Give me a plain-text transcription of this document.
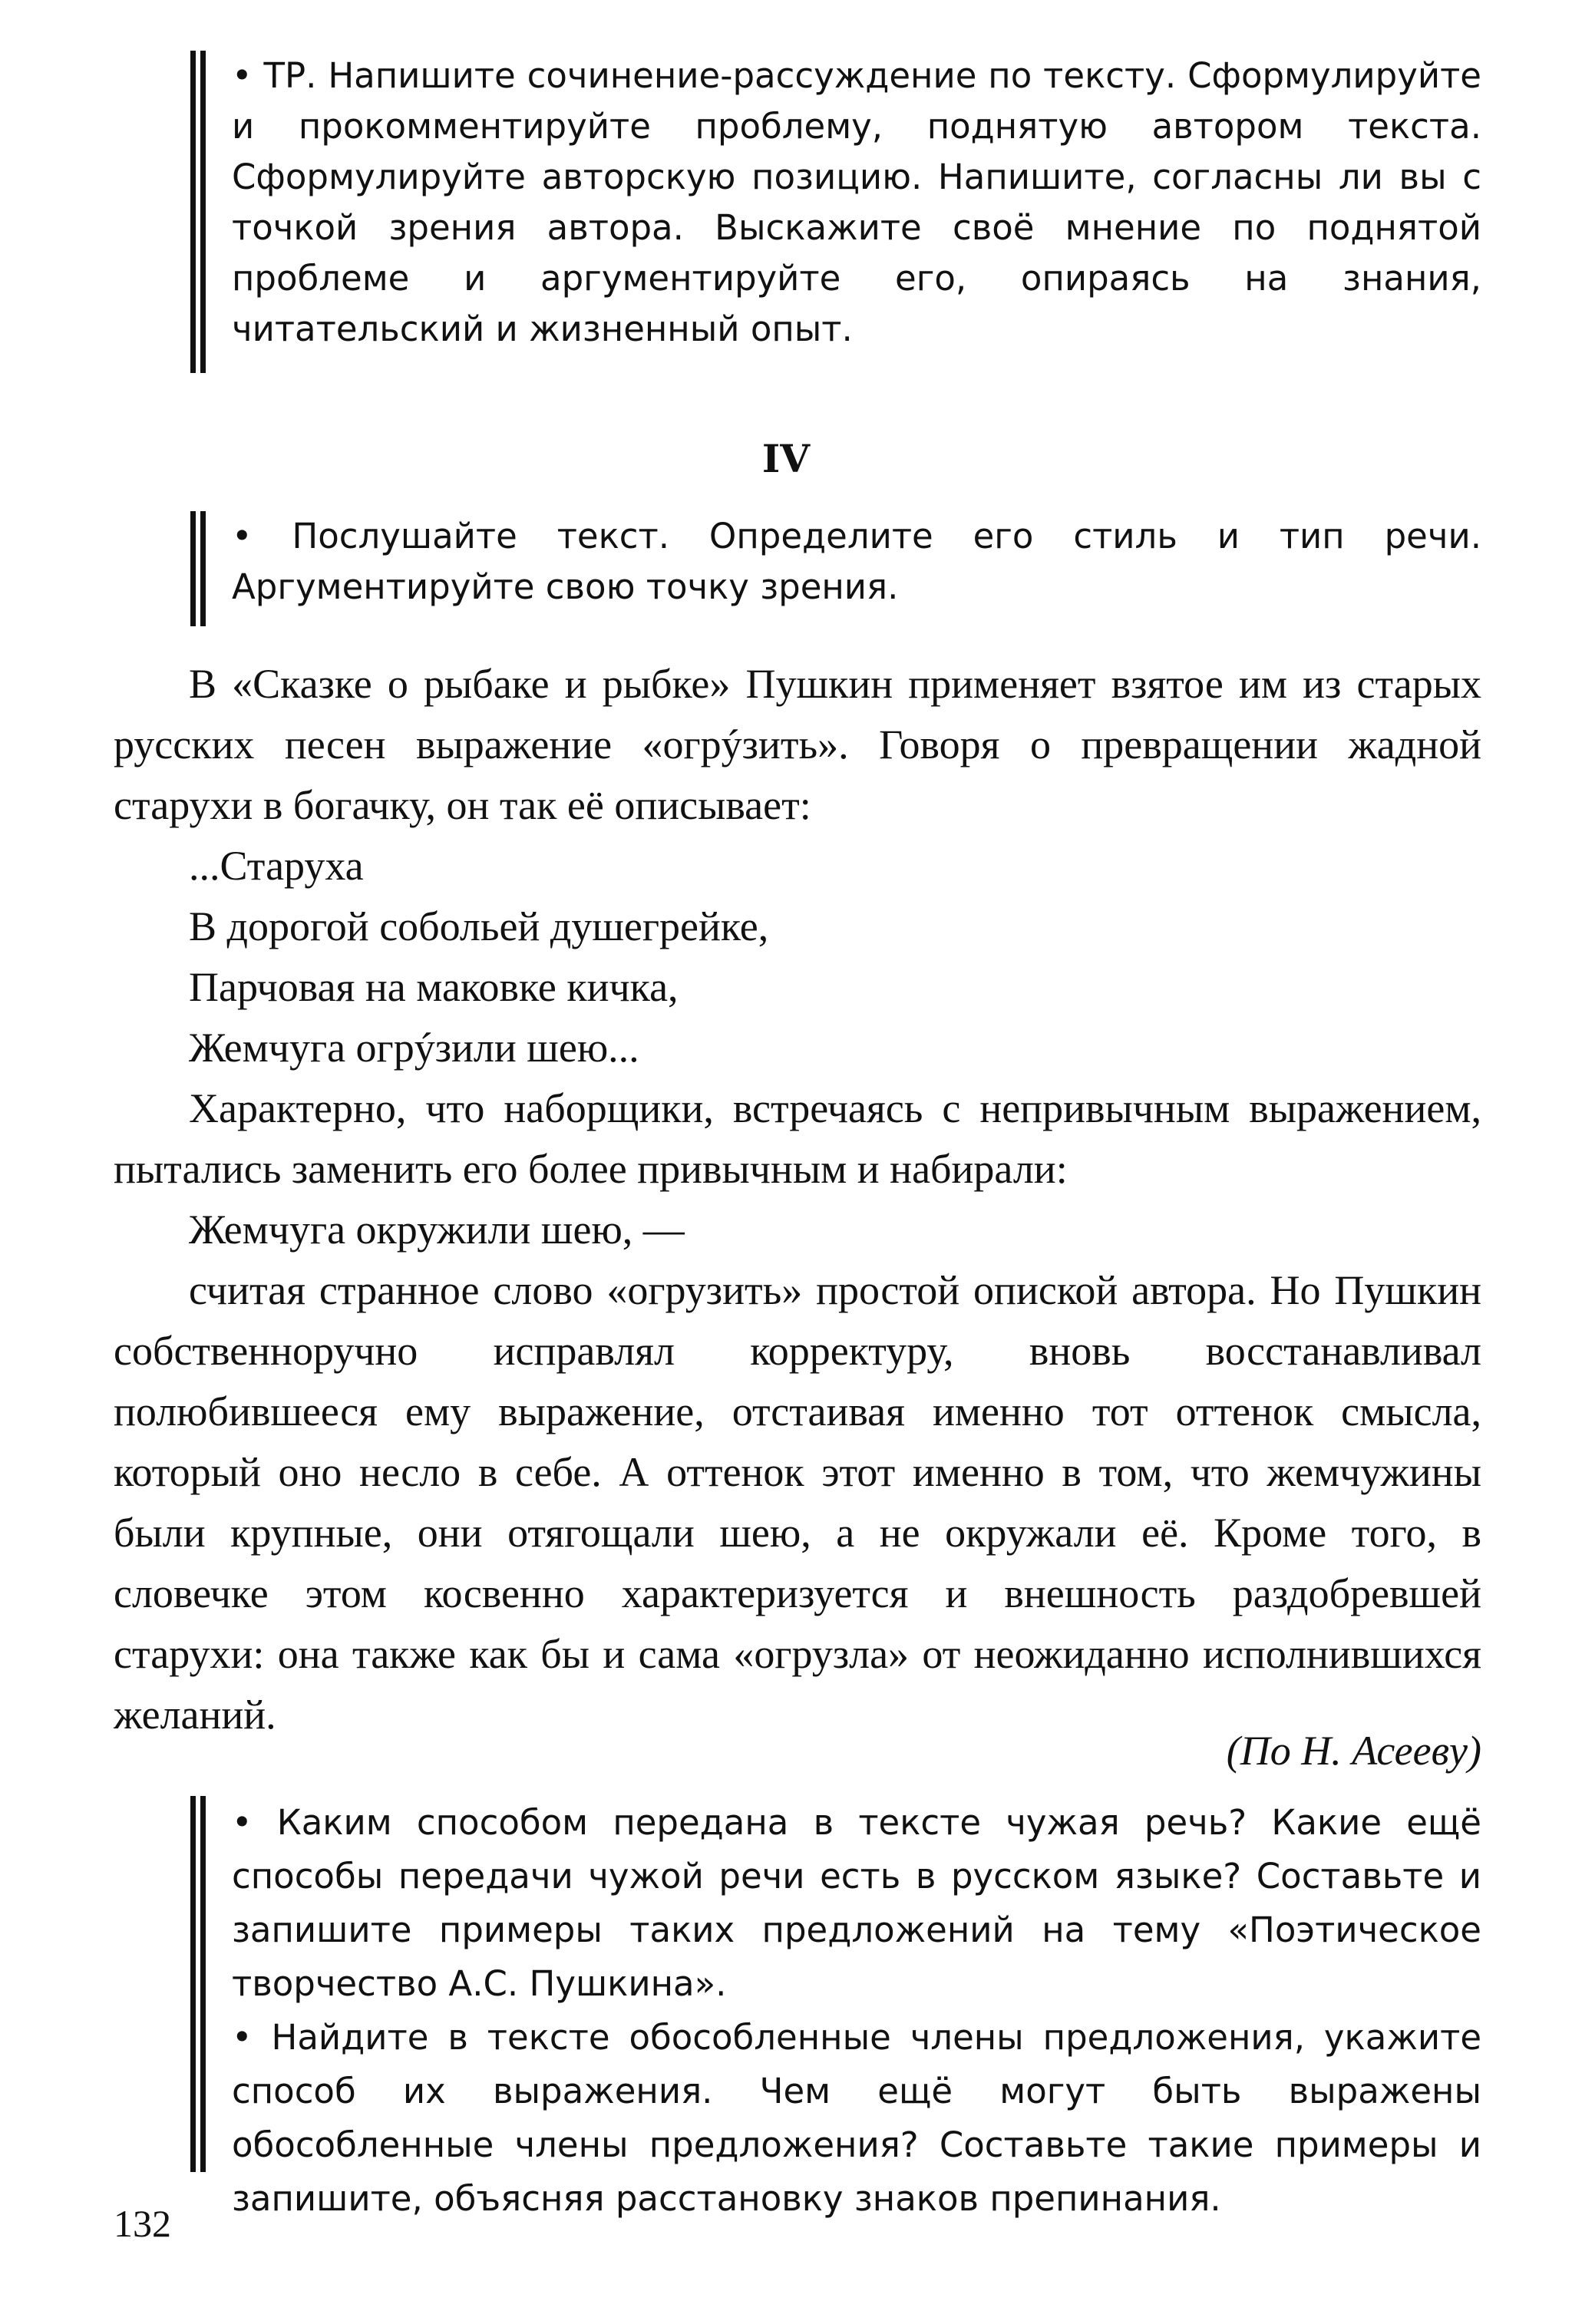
• ТР. Напишите сочинение-рассуждение по тексту. Сформулируйте и прокомментируйте проблему, поднятую автором текста. Сформулируйте авторскую позицию. Напишите, согласны ли вы с точкой зрения автора. Выскажите своё мнение по поднятой проблеме и аргументируйте его, опираясь на знания, читательский и жизненный опыт.

IV

• Послушайте текст. Определите его стиль и тип речи. Аргументируйте свою точку зрения.

В «Сказке о рыбаке и рыбке» Пушкин применяет взятое им из старых русских песен выражение «огрýзить». Говоря о превращении жадной старухи в богачку, он так её описывает:

...Старуха

В дорогой собольей душегрейке,

Парчовая на маковке кичка,

Жемчуга огрýзили шею...

Характерно, что наборщики, встречаясь с непривычным выражением, пытались заменить его более привычным и набирали:

Жемчуга окружили шею, —

считая странное слово «огрузить» простой опиской автора. Но Пушкин собственноручно исправлял корректуру, вновь восстанавливал полюбившееся ему выражение, отстаивая именно тот оттенок смысла, который оно несло в себе. А оттенок этот именно в том, что жемчужины были крупные, они отягощали шею, а не окружали её. Кроме того, в словечке этом косвенно характеризуется и внешность раздобревшей старухи: она также как бы и сама «огрузла» от неожиданно исполнившихся желаний.

(По Н. Асееву)

• Каким способом передана в тексте чужая речь? Какие ещё способы передачи чужой речи есть в русском языке? Составьте и запишите примеры таких предложений на тему «Поэтическое творчество А.С. Пушкина».

• Найдите в тексте обособленные члены предложения, укажите способ их выражения. Чем ещё могут быть выражены обособленные члены предложения? Составьте такие примеры и запишите, объясняя расстановку знаков препинания.

132
